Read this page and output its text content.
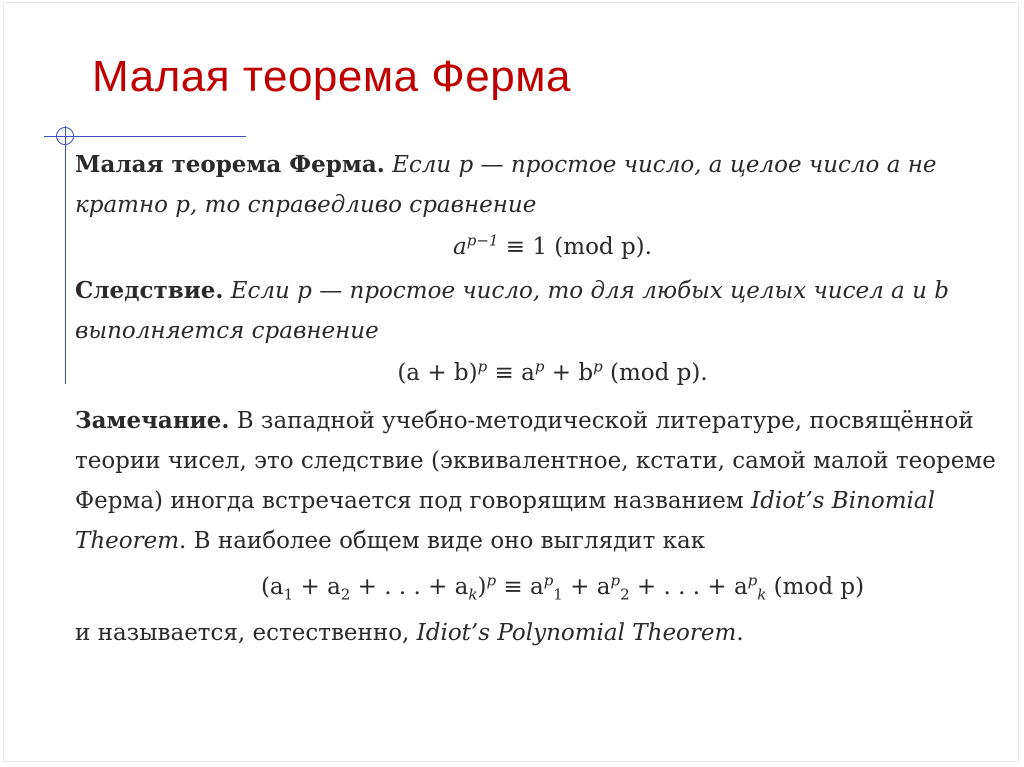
Малая теорема Ферма

Малая теорема Ферма. Если p — простое число, а целое число a не кратно p, то справедливо сравнение

$a^{p-1} \equiv 1$ (mod p).

Следствие. Если p — простое число, то для любых целых чисел a и b выполняется сравнение

$(a + b)^p \equiv a^p + b^p$ (mod p).

Замечание. В западной учебно-методической литературе, посвящённой теории чисел, это следствие (эквивалентное, кстати, самой малой теореме Ферма) иногда встречается под говорящим названием Idiot’s Binomial Theorem. В наиболее общем виде оно выглядит как

($a_1 + a_2$ + . . . + $a_k)^p \equiv a^p_1 + a^p_2$ + . . . + $a^p_k$ (mod p)

и называется, естественно, Idiot’s Polynomial Theorem.
